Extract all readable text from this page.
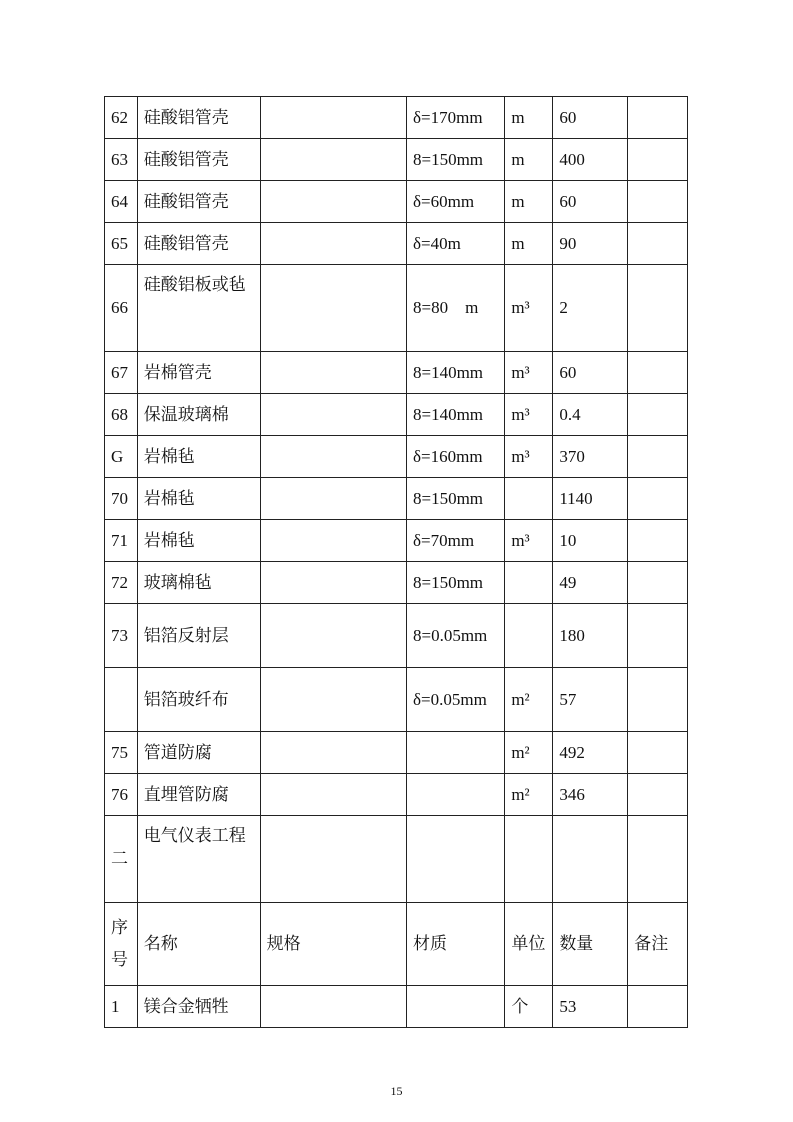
62	硅酸铝管壳		δ=170mm	m	60	
63	硅酸铝管壳		8=150mm	m	400	
64	硅酸铝管壳		δ=60mm	m	60	
65	硅酸铝管壳		δ=40m	m	90	
66	硅酸铝板或毡		8=80　m	m³	2	
67	岩棉管壳		8=140mm	m³	60	
68	保温玻璃棉		8=140mm	m³	0.4	
G	岩棉毡		δ=160mm	m³	370	
70	岩棉毡		8=150mm		1140	
71	岩棉毡		δ=70mm	m³	10	
72	玻璃棉毡		8=150mm		49	
73	铝箔反射层		8=0.05mm		180	
	铝箔玻纤布		δ=0.05mm	m²	57	
75	管道防腐			m²	492	
76	直埋管防腐			m²	346	
二	电气仪表工程					
序号	名称	规格	材质	单位	数量	备注
1	镁合金牺牲			个	53	
15
